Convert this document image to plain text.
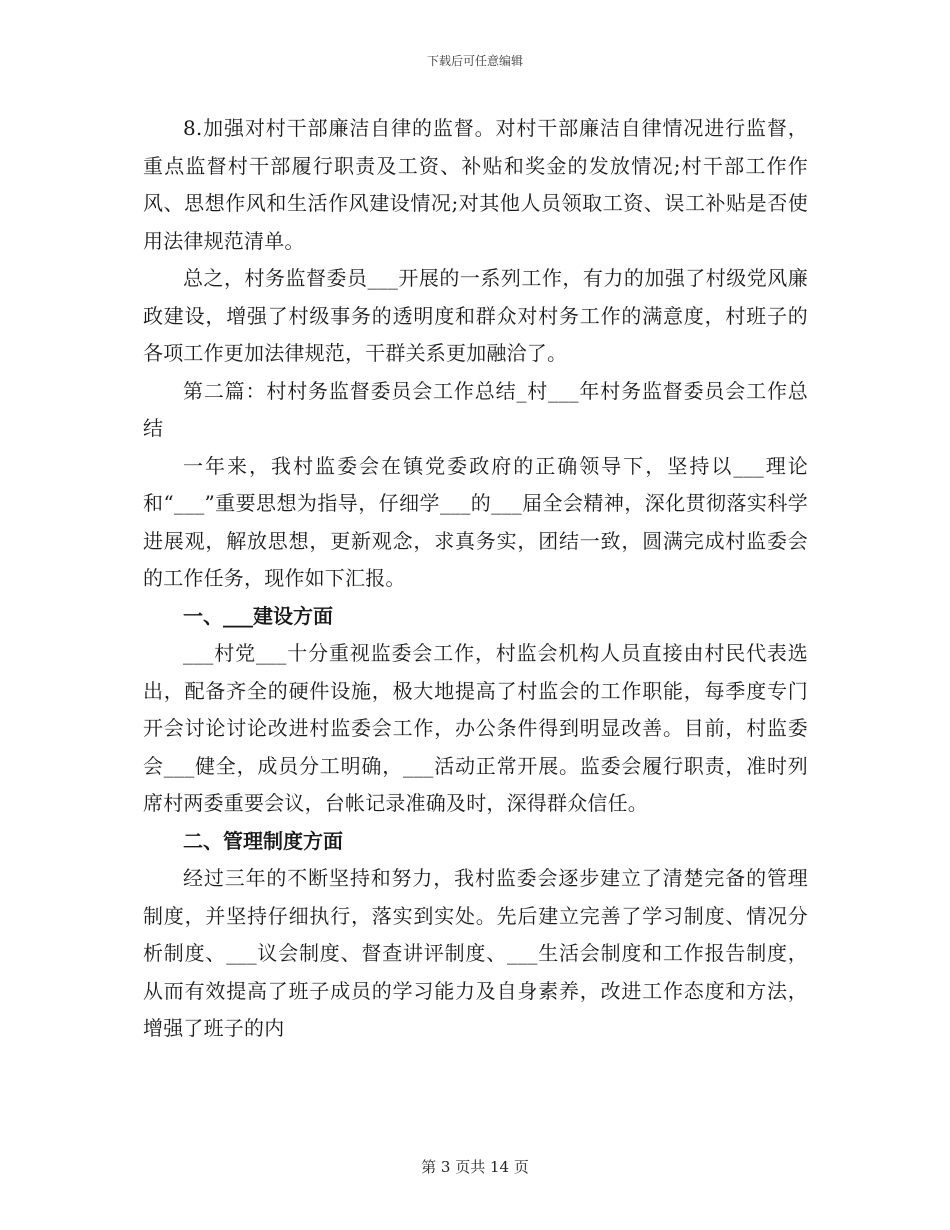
下载后可任意编辑

8.加强对村干部廉洁自律的监督。对村干部廉洁自律情况进行监督，重点监督村干部履行职责及工资、补贴和奖金的发放情况;村干部工作作风、思想作风和生活作风建设情况;对其他人员领取工资、误工补贴是否使用法律规范清单。

总之，村务监督委员___开展的一系列工作，有力的加强了村级党风廉政建设，增强了村级事务的透明度和群众对村务工作的满意度，村班子的各项工作更加法律规范，干群关系更加融洽了。

第二篇：村村务监督委员会工作总结_村___年村务监督委员会工作总结

一年来，我村监委会在镇党委政府的正确领导下，坚持以___理论和“___”重要思想为指导，仔细学___的___届全会精神，深化贯彻落实科学进展观，解放思想，更新观念，求真务实，团结一致，圆满完成村监委会的工作任务，现作如下汇报。

一、___建设方面

___村党___十分重视监委会工作，村监会机构人员直接由村民代表选出，配备齐全的硬件设施，极大地提高了村监会的工作职能，每季度专门开会讨论讨论改进村监委会工作，办公条件得到明显改善。目前，村监委会___健全，成员分工明确，___活动正常开展。监委会履行职责，准时列席村两委重要会议，台帐记录准确及时，深得群众信任。

二、管理制度方面

经过三年的不断坚持和努力，我村监委会逐步建立了清楚完备的管理制度，并坚持仔细执行，落实到实处。先后建立完善了学习制度、情况分析制度、___议会制度、督查讲评制度、___生活会制度和工作报告制度，从而有效提高了班子成员的学习能力及自身素养，改进工作态度和方法，增强了班子的内

第 3 页共 14 页
